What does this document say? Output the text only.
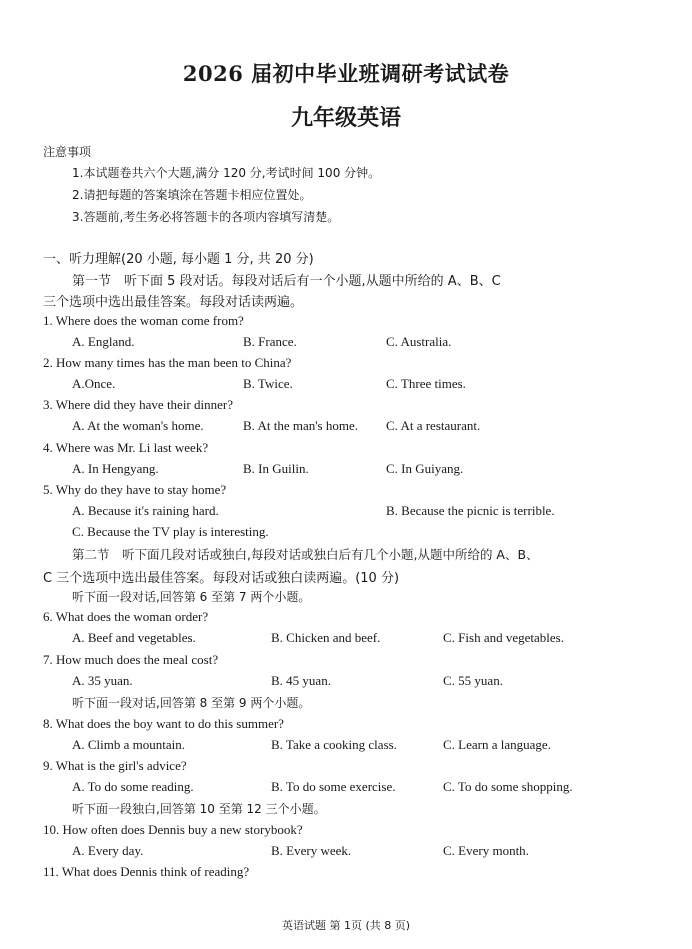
2026 届初中毕业班调研考试试卷
九年级英语
注意事项
1.本试题卷共六个大题,满分 120 分,考试时间 100 分钟。
2.请把每题的答案填涂在答题卡相应位置处。
3.答题前,考生务必将答题卡的各项内容填写清楚。
一、听力理解(20 小题, 每小题 1 分, 共 20 分)
第一节　听下面 5 段对话。每段对话后有一个小题,从题中所给的 A、B、C
三个选项中选出最佳答案。每段对话读两遍。
1. Where does the woman come from?
A. England.	B. France.	C. Australia.
2. How many times has the man been to China?
A.Once.	B. Twice.	C. Three times.
3. Where did they have their dinner?
A. At the woman's home.	B. At the man's home. C. At a restaurant.
4. Where was Mr. Li last week?
A. In Hengyang.	B. In Guilin.	C. In Guiyang.
5. Why do they have to stay home?
A. Because it's raining hard.	B. Because the picnic is terrible.
C. Because the TV play is interesting.
第二节　听下面几段对话或独白,每段对话或独白后有几个小题,从题中所给的 A、B、
C 三个选项中选出最佳答案。每段对话或独白读两遍。(10 分)
听下面一段对话,回答第 6 至第 7 两个小题。
6. What does the woman order?
A. Beef and vegetables.	B. Chicken and beef.	C. Fish and vegetables.
7. How much does the meal cost?
A. 35 yuan.	B. 45 yuan.	C. 55 yuan.
听下面一段对话,回答第 8 至第 9 两个小题。
8. What does the boy want to do this summer?
A. Climb a mountain.	B. Take a cooking class.	C. Learn a language.
9. What is the girl's advice?
A. To do some reading.	B. To do some exercise.	C. To do some shopping.
听下面一段独白,回答第 10 至第 12 三个小题。
10. How often does Dennis buy a new storybook?
A. Every day.	B. Every week.	C. Every month.
11. What does Dennis think of reading?
英语试题 第 1页 (共 8 页)
